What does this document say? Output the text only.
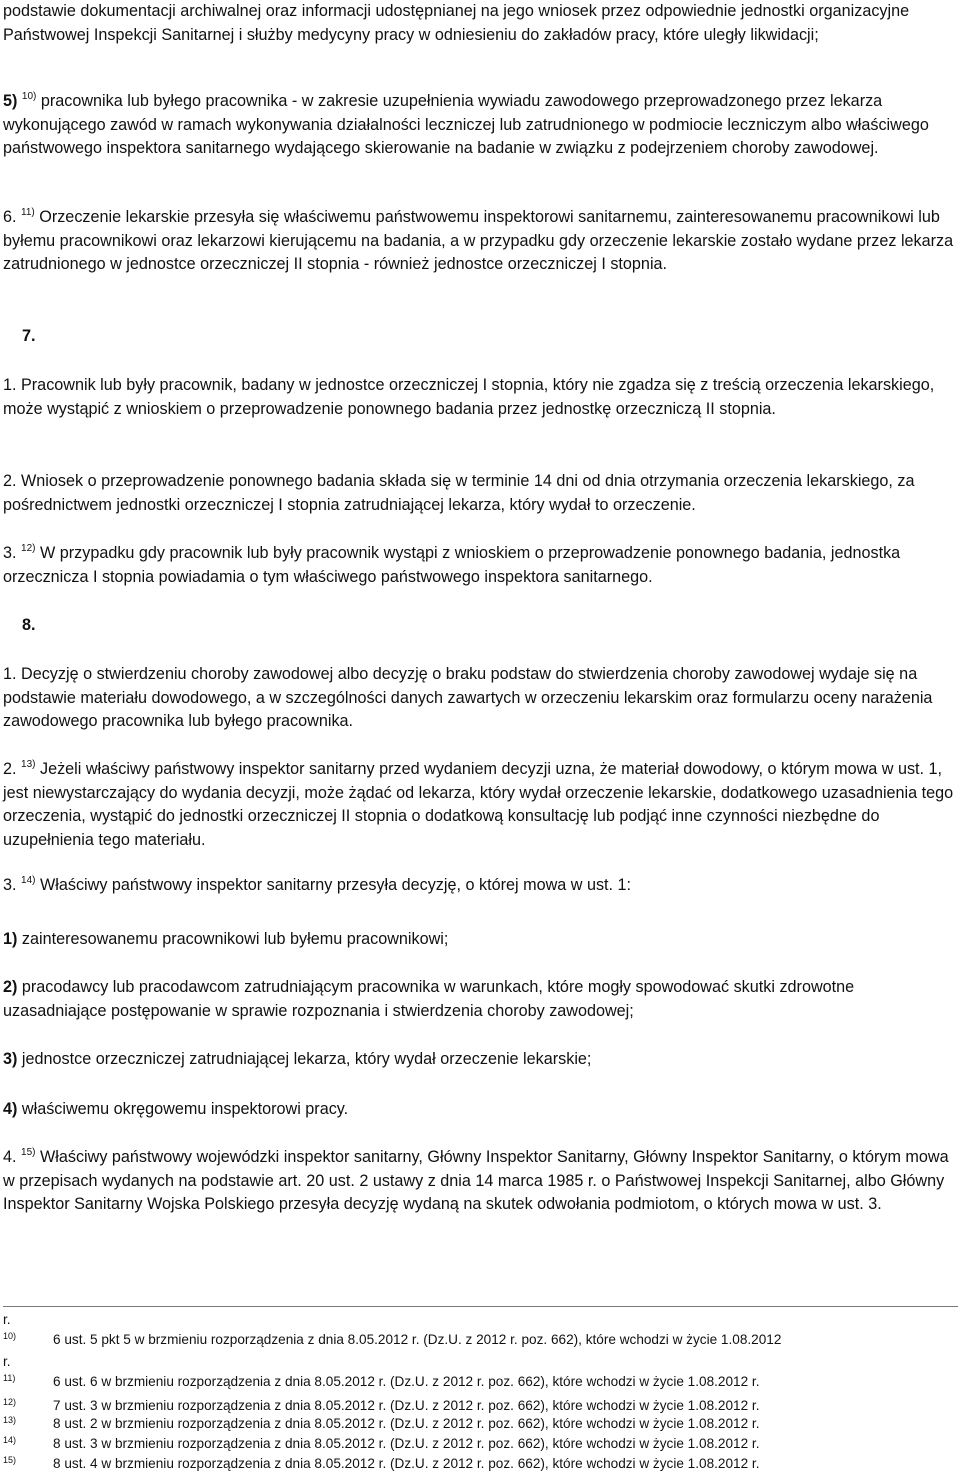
podstawie dokumentacji archiwalnej oraz informacji udostępnianej na jego wniosek przez odpowiednie jednostki organizacyjne Państwowej Inspekcji Sanitarnej i służby medycyny pracy w odniesieniu do zakładów pracy, które uległy likwidacji;

5) $^{10)}$ pracownika lub byłego pracownika - w zakresie uzupełnienia wywiadu zawodowego przeprowadzonego przez lekarza wykonującego zawód w ramach wykonywania działalności leczniczej lub zatrudnionego w podmiocie leczniczym albo właściwego państwowego inspektora sanitarnego wydającego skierowanie na badanie w związku z podejrzeniem choroby zawodowej.

6. $^{11)}$ Orzeczenie lekarskie przesyła się właściwemu państwowemu inspektorowi sanitarnemu, zainteresowanemu pracownikowi lub byłemu pracownikowi oraz lekarzowi kierującemu na badania, a w przypadku gdy orzeczenie lekarskie zostało wydane przez lekarza zatrudnionego w jednostce orzeczniczej II stopnia - również jednostce orzeczniczej I stopnia.

7.

1. Pracownik lub były pracownik, badany w jednostce orzeczniczej I stopnia, który nie zgadza się z treścią orzeczenia lekarskiego, może wystąpić z wnioskiem o przeprowadzenie ponownego badania przez jednostkę orzeczniczą II stopnia.

2. Wniosek o przeprowadzenie ponownego badania składa się w terminie 14 dni od dnia otrzymania orzeczenia lekarskiego, za pośrednictwem jednostki orzeczniczej I stopnia zatrudniającej lekarza, który wydał to orzeczenie.

3. $^{12)}$ W przypadku gdy pracownik lub były pracownik wystąpi z wnioskiem o przeprowadzenie ponownego badania, jednostka orzecznicza I stopnia powiadamia o tym właściwego państwowego inspektora sanitarnego.

8.

1. Decyzję o stwierdzeniu choroby zawodowej albo decyzję o braku podstaw do stwierdzenia choroby zawodowej wydaje się na podstawie materiału dowodowego, a w szczególności danych zawartych w orzeczeniu lekarskim oraz formularzu oceny narażenia zawodowego pracownika lub byłego pracownika.

2. $^{13)}$ Jeżeli właściwy państwowy inspektor sanitarny przed wydaniem decyzji uzna, że materiał dowodowy, o którym mowa w ust. 1, jest niewystarczający do wydania decyzji, może żądać od lekarza, który wydał orzeczenie lekarskie, dodatkowego uzasadnienia tego orzeczenia, wystąpić do jednostki orzeczniczej II stopnia o dodatkową konsultację lub podjąć inne czynności niezbędne do uzupełnienia tego materiału.

3. $^{14)}$ Właściwy państwowy inspektor sanitarny przesyła decyzję, o której mowa w ust. 1:

1) zainteresowanemu pracownikowi lub byłemu pracownikowi;

2) pracodawcy lub pracodawcom zatrudniającym pracownika w warunkach, które mogły spowodować skutki zdrowotne uzasadniające postępowanie w sprawie rozpoznania i stwierdzenia choroby zawodowej;

3) jednostce orzeczniczej zatrudniającej lekarza, który wydał orzeczenie lekarskie;

4) właściwemu okręgowemu inspektorowi pracy.

4. $^{15)}$ Właściwy państwowy wojewódzki inspektor sanitarny, Główny Inspektor Sanitarny, Główny Inspektor Sanitarny, o którym mowa w przepisach wydanych na podstawie art. 20 ust. 2 ustawy z dnia 14 marca 1985 r. o Państwowej Inspekcji Sanitarnej, albo Główny Inspektor Sanitarny Wojska Polskiego przesyła decyzję wydaną na skutek odwołania podmiotom, o których mowa w ust. 3.

r.
10)	6 ust. 5 pkt 5 w brzmieniu rozporządzenia z dnia 8.05.2012 r. (Dz.U. z 2012 r. poz. 662), które wchodzi w życie 1.08.2012
r.
11)	6 ust. 6 w brzmieniu rozporządzenia z dnia 8.05.2012 r. (Dz.U. z 2012 r. poz. 662), które wchodzi w życie 1.08.2012 r.
12)	7 ust. 3 w brzmieniu rozporządzenia z dnia 8.05.2012 r. (Dz.U. z 2012 r. poz. 662), które wchodzi w życie 1.08.2012 r.
13)	8 ust. 2 w brzmieniu rozporządzenia z dnia 8.05.2012 r. (Dz.U. z 2012 r. poz. 662), które wchodzi w życie 1.08.2012 r.
14)	8 ust. 3 w brzmieniu rozporządzenia z dnia 8.05.2012 r. (Dz.U. z 2012 r. poz. 662), które wchodzi w życie 1.08.2012 r.
15)	8 ust. 4 w brzmieniu rozporządzenia z dnia 8.05.2012 r. (Dz.U. z 2012 r. poz. 662), które wchodzi w życie 1.08.2012 r.
